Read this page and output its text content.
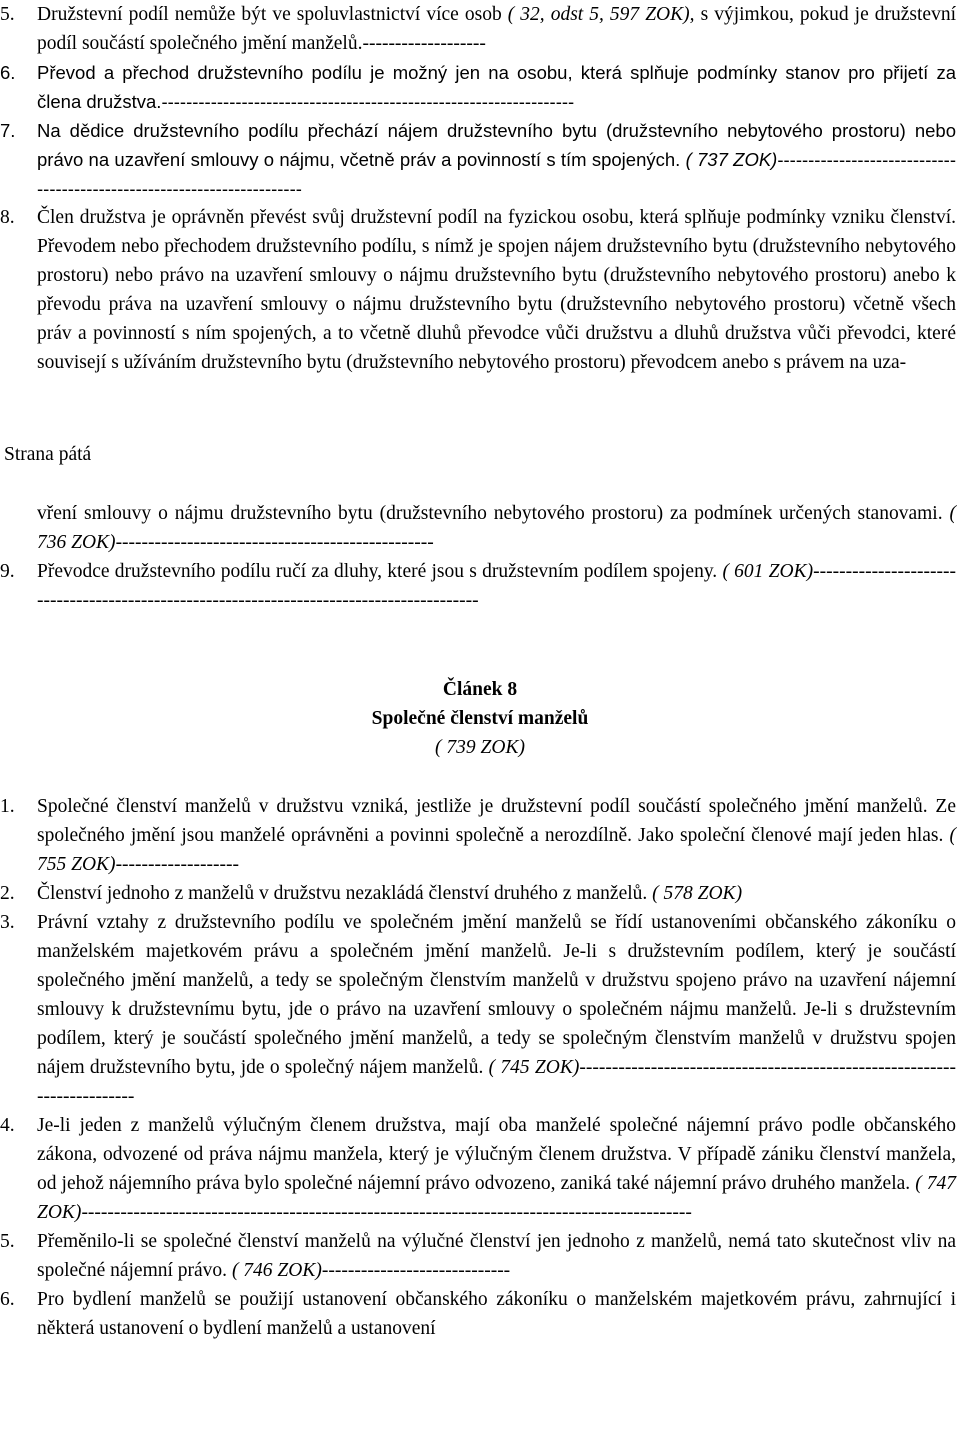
5. Družstevní podíl nemůže být ve spoluvlastnictví více osob ( 32, odst 5, 597 ZOK), s výjimkou, pokud je družstevní podíl součástí společného jmění manželů.-------------------
6. Převod a přechod družstevního podílu je možný jen na osobu, která splňuje podmínky stanov pro přijetí za člena družstva.-------------------------------------------------------------------
7. Na dědice družstevního podílu přechází nájem družstevního bytu (družstevního nebytového prostoru) nebo právo na uzavření smlouvy o nájmu, včetně práv a povinností s tím spojených. ( 737 ZOK)------------------------------------------------------------------------
8. Člen družstva je oprávněn převést svůj družstevní podíl na fyzickou osobu, která splňuje podmínky vzniku členství. Převodem nebo přechodem družstevního podílu, s nímž je spojen nájem družstevního bytu (družstevního nebytového prostoru) nebo právo na uzavření smlouvy o nájmu družstevního bytu (družstevního nebytového prostoru) anebo k převodu práva na uzavření smlouvy o nájmu družstevního bytu (družstevního nebytového prostoru) včetně všech práv a povinností s ním spojených, a to včetně dluhů převodce vůči družstvu a dluhů družstva vůči převodci, které souvisejí s užíváním družstevního bytu (družstevního nebytového prostoru) převodcem anebo s právem na uza-
Strana pátá
vření smlouvy o nájmu družstevního bytu (družstevního nebytového prostoru) za podmínek určených stanovami. ( 736 ZOK)-------------------------------------------------
9. Převodce družstevního podílu ručí za dluhy, které jsou s družstevním podílem spojeny. ( 601 ZOK)------------------------------------------------------------------------------------------
Článek 8
Společné členství manželů
( 739 ZOK)
1. Společné členství manželů v družstvu vzniká, jestliže je družstevní podíl součástí společného jmění manželů. Ze společného jmění jsou manželé oprávněni a povinni společně a nerozdílně. Jako společní členové mají jeden hlas. ( 755 ZOK)-------------------
2. Členství jednoho z manželů v družstvu nezakládá členství druhého z manželů. ( 578 ZOK)
3. Právní vztahy z družstevního podílu ve společném jmění manželů se řídí ustanoveními občanského zákoníku o manželském majetkovém právu a společném jmění manželů. Je-li s družstevním podílem, který je součástí společného jmění manželů, a tedy se společným členstvím manželů v družstvu spojeno právo na uzavření nájemní smlouvy k družstevnímu bytu, jde o právo na uzavření smlouvy o společném nájmu manželů. Je-li s družstevním podílem, který je součástí společného jmění manželů, a tedy se společným členstvím manželů v družstvu spojen nájem družstevního bytu, jde o společný nájem manželů. ( 745 ZOK)-------------------------------------------------------------------------
4. Je-li jeden z manželů výlučným členem družstva, mají oba manželé společné nájemní právo podle občanského zákona, odvozené od práva nájmu manžela, který je výlučným členem družstva. V případě zániku členství manžela, od jehož nájemního práva bylo společné nájemní právo odvozeno, zaniká také nájemní právo druhého manžela. ( 747 ZOK)----------------------------------------------------------------------------------------------
5. Přeměnilo-li se společné členství manželů na výlučné členství jen jednoho z manželů, nemá tato skutečnost vliv na společné nájemní právo. ( 746 ZOK)-----------------------------
6. Pro bydlení manželů se použijí ustanovení občanského zákoníku o manželském majetkovém právu, zahrnující i některá ustanovení o bydlení manželů a ustanovení
